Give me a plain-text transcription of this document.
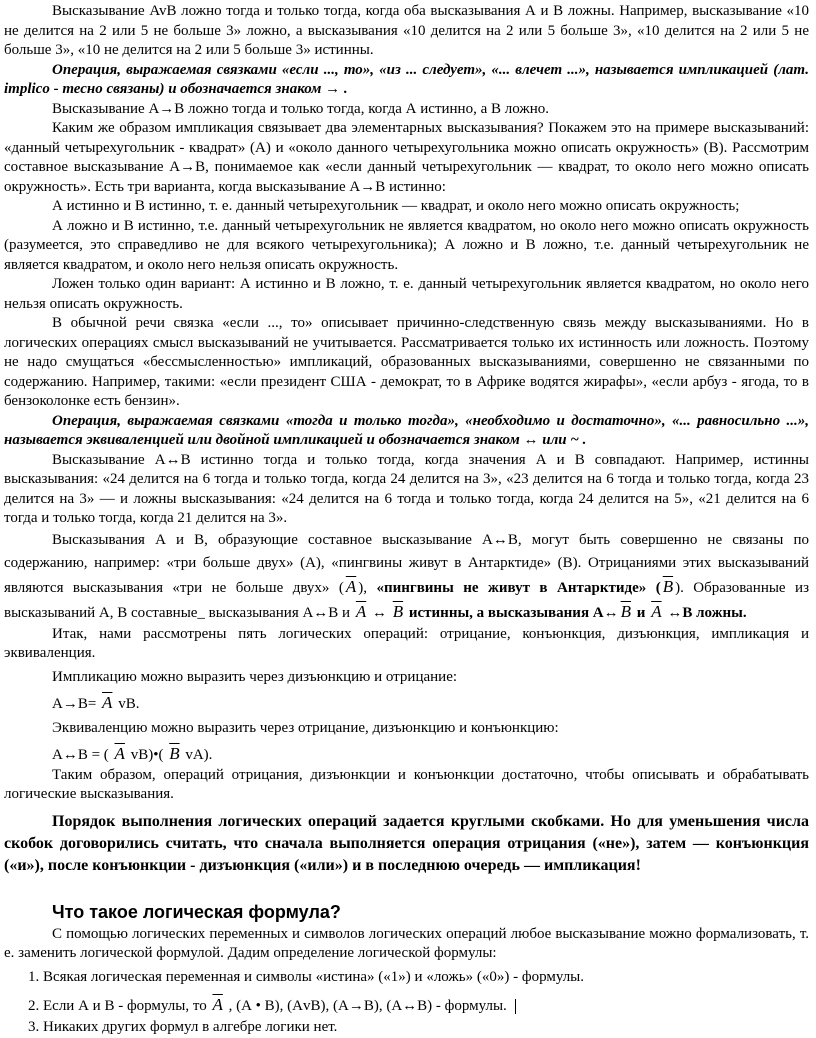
Высказывание AvB ложно тогда и только тогда, когда оба высказывания А и В ложны. Например, высказывание «10 не делится на 2 или 5 не больше 3» ложно, а высказывания «10 делится на 2 или 5 больше 3», «10 делится на 2 или 5 не больше 3», «10 не делится на 2 или 5 больше 3» истинны.

Операция, выражаемая связками «если ..., то», «из ... следует», «... влечет ...», называется импликацией (лат. implico - тесно связаны) и обозначается знаком → .

Высказывание А→В ложно тогда и только тогда, когда А истинно, а В ложно.

Каким же образом импликация связывает два элементарных высказывания? Покажем это на примере высказываний: «данный четырехугольник - квадрат» (А) и «около данного четырехугольника можно описать окружность» (В). Рассмотрим составное высказывание А→В, понимаемое как «если данный четырехугольник — квадрат, то около него можно описать окружность». Есть три варианта, когда высказывание А→В истинно:

А истинно и В истинно, т. е. данный четырехугольник — квадрат, и около него можно описать окружность;

А ложно и В истинно, т.е. данный четырехугольник не является квадратом, но около него можно описать окружность (разумеется, это справедливо не для всякого четырехугольника); А ложно и В ложно, т.е. данный четырехугольник не является квадратом, и около него нельзя описать окружность.

Ложен только один вариант: А истинно и В ложно, т. е. данный четырехугольник является квадратом, но около него нельзя описать окружность.

В обычной речи связка «если ..., то» описывает причинно-следственную связь между высказываниями. Но в логических операциях смысл высказываний не учитывается. Рассматривается только их истинность или ложность. Поэтому не надо смущаться «бессмысленностью» импликаций, образованных высказываниями, совершенно не связанными по содержанию. Например, такими: «если президент США - демократ, то в Африке водятся жирафы», «если арбуз - ягода, то в бензоколонке есть бензин».

Операция, выражаемая связками «тогда и только тогда», «необходимо и достаточно», «... равносильно ...», называется эквиваленцией или двойной импликацией и обозначается знаком ↔ или ~ .

Высказывание А↔В истинно тогда и только тогда, когда значения А и В совпадают. Например, истинны высказывания: «24 делится на 6 тогда и только тогда, когда 24 делится на 3», «23 делится на 6 тогда и только тогда, когда 23 делится на 3» — и ложны высказывания: «24 делится на 6 тогда и только тогда, когда 24 делится на 5», «21 делится на 6 тогда и только тогда, когда 21 делится на 3».

Высказывания А и В, образующие составное высказывание А↔В, могут быть совершенно не связаны по содержанию, например: «три больше двух» (А), «пингвины живут в Антарктиде» (В). Отрицаниями этих высказываний являются высказывания «три не больше двух» ( $\overline{A}$ ), «пингвины не живут в Антарктиде» ( $\overline{B}$ ). Образованные из высказываний А, В составные_ высказывания А↔В и $\overline{A}$ ↔ $\overline{B}$ истинны, а высказывания А↔ $\overline{B}$ и $\overline{A}$ ↔В ложны.

Итак, нами рассмотрены пять логических операций: отрицание, конъюнкция, дизъюнкция, импликация и эквиваленция.

Импликацию можно выразить через дизъюнкцию и отрицание:

$А\to В= \overline{A}$ vB.

Эквиваленцию можно выразить через отрицание, дизъюнкцию и конъюнкцию:

А↔В = ( $\overline{A}$ vB)•( $\overline{B}$ vA).

Таким образом, операций отрицания, дизъюнкции и конъюнкции достаточно, чтобы описывать и обрабатывать логические высказывания.

Порядок выполнения логических операций задается круглыми скобками. Но для уменьшения числа скобок договорились считать, что сначала выполняется операция отрицания («не»), затем — конъюнкция («и»), после конъюнкции - дизъюнкция («или») и в последнюю очередь — импликация!

Что такое логическая формула?

С помощью логических переменных и символов логических операций любое высказывание можно формализовать, т. е. заменить логической формулой. Дадим определение логической формулы:

1. Всякая логическая переменная и символы «истина» («1») и «ложь» («0») - формулы.

2. Если А и В - формулы, то $\overline{A}$ , (А • В), (АvВ), (А→В), (А↔В) - формулы.

3. Никаких других формул в алгебре логики нет.
